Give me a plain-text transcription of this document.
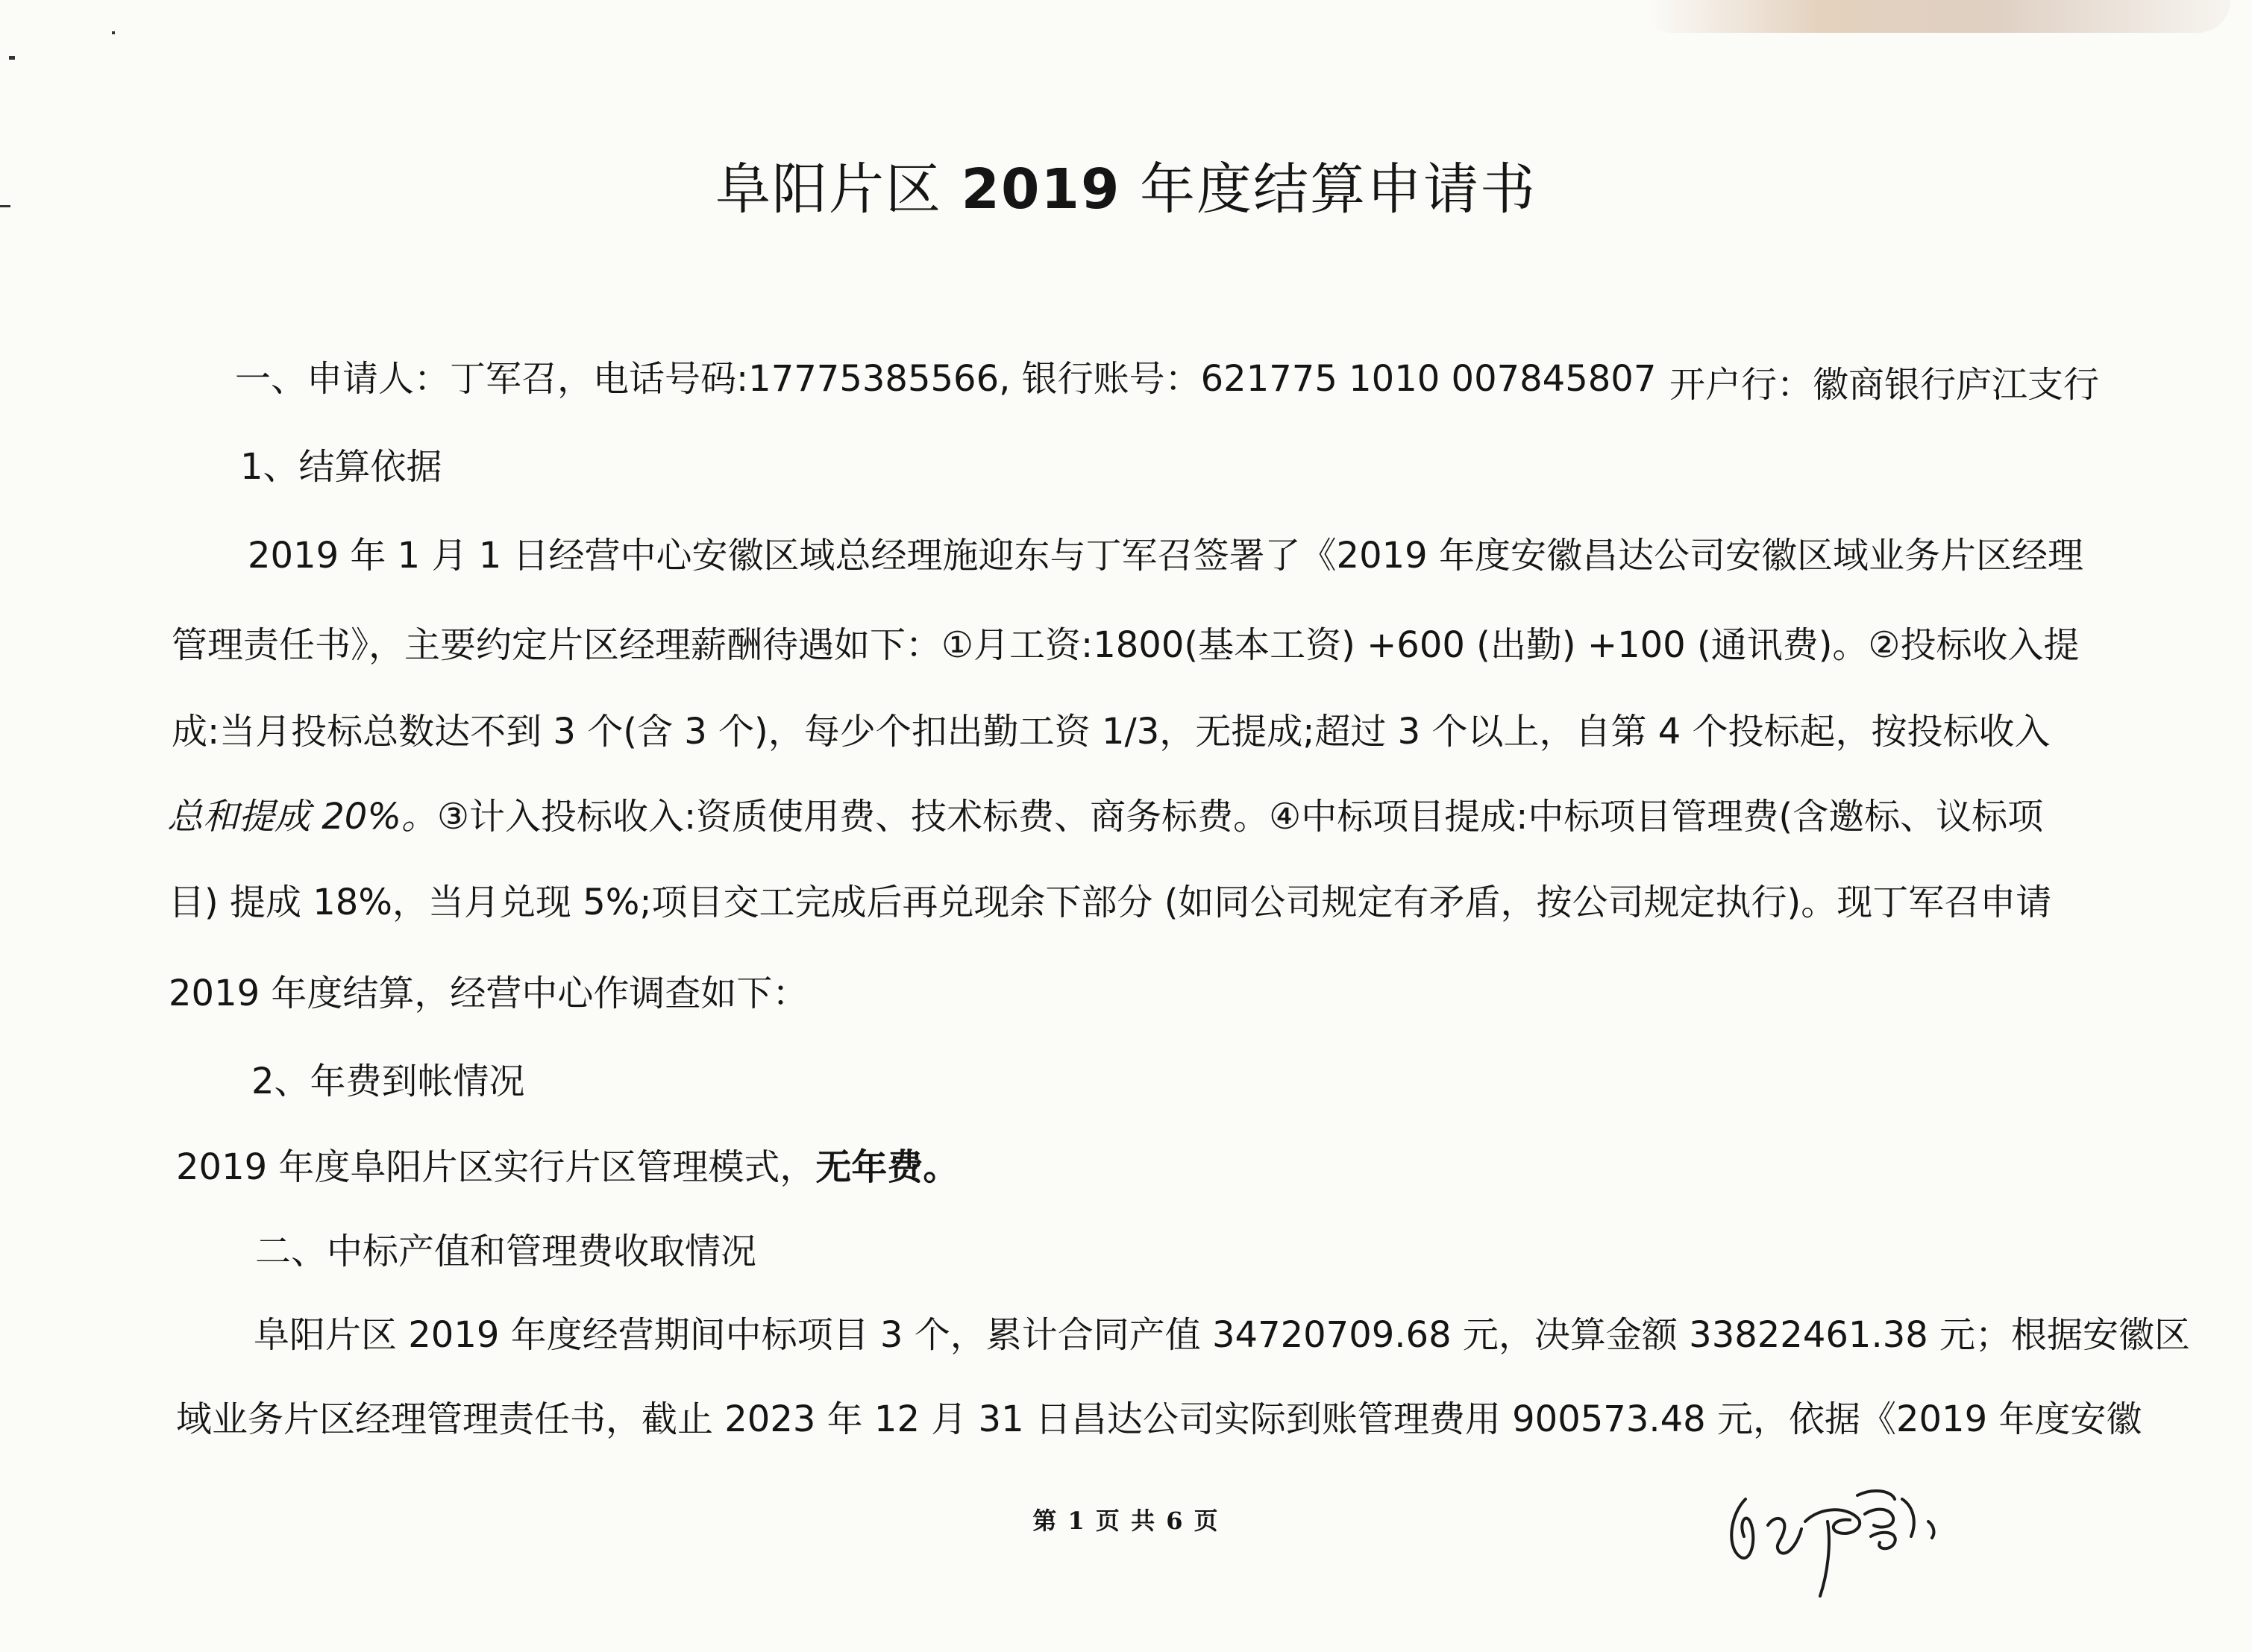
阜阳片区 2019 年度结算申请书
一、申请人：丁军召，电话号码:17775385566, 银行账号：621775 1010 007845807 开户行：徽商银行庐江支行
1、结算依据
2019 年 1 月 1 日经营中心安徽区域总经理施迎东与丁军召签署了《2019 年度安徽昌达公司安徽区域业务片区经理
管理责任书》，主要约定片区经理薪酬待遇如下：①月工资:1800(基本工资) +600 (出勤) +100 (通讯费)。②投标收入提
成:当月投标总数达不到 3 个(含 3 个)，每少个扣出勤工资 1/3，无提成;超过 3 个以上，自第 4 个投标起，按投标收入
总和提成 20%。③计入投标收入:资质使用费、技术标费、商务标费。④中标项目提成:中标项目管理费(含邀标、议标项
目) 提成 18%，当月兑现 5%;项目交工完成后再兑现余下部分 (如同公司规定有矛盾，按公司规定执行)。现丁军召申请
2019 年度结算，经营中心作调查如下：
2、年费到帐情况
2019 年度阜阳片区实行片区管理模式，无年费。
二、中标产值和管理费收取情况
阜阳片区 2019 年度经营期间中标项目 3 个，累计合同产值 34720709.68 元，决算金额 33822461.38 元；根据安徽区
域业务片区经理管理责任书，截止 2023 年 12 月 31 日昌达公司实际到账管理费用 900573.48 元，依据《2019 年度安徽
第 1 页 共 6 页
